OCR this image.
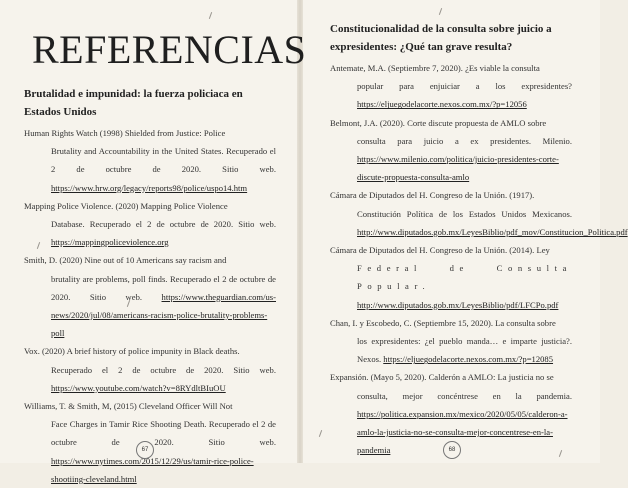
REFERENCIAS

Brutalidad e impunidad: la fuerza policiaca en Estados Unidos

Human Rights Watch (1998) Shielded from Justice: Police
Brutality and Accountability in the United States. Recuperado el 2 de octubre de 2020. Sitio web. https://www.hrw.org/legacy/reports98/police/uspo14.htm

Mapping Police Violence. (2020) Mapping Police Violence
Database. Recuperado el 2 de octubre de 2020. Sitio web. https://mappingpoliceviolence.org

Smith, D. (2020) Nine out of 10 Americans say racism and
brutality are problems, poll finds. Recuperado el 2 de octubre de 2020. Sitio web. https://www.theguardian.com/us-news/2020/jul/08/americans-racism-police-brutality-problems-poll

Vox. (2020) A brief history of police impunity in Black deaths.
Recuperado el 2 de octubre de 2020. Sitio web. https://www.youtube.com/watch?v=8RYdltBIuOU

Williams, T. & Smith, M, (2015) Cleveland Officer Will Not
Face Charges in Tamir Rice Shooting Death. Recuperado el 2 de octubre de 2020. Sitio web. https://www.nytimes.com/2015/12/29/us/tamir-rice-police-shootiing-cleveland.html

Constitucionalidad de la consulta sobre juicio a expresidentes: ¿Qué tan grave resulta?

Antemate, M.A. (Septiembre 7, 2020). ¿Es viable la consulta
popular para enjuiciar a los expresidentes? https://eljuegodelacorte.nexos.com.mx/?p=12056

Belmont, J.A. (2020). Corte discute propuesta de AMLO sobre
consulta para juicio a ex presidentes. Milenio. https://www.milenio.com/politica/juicio-presidentes-corte-discute-propuesta-consulta-amlo

Cámara de Diputados del H. Congreso de la Unión. (1917).
Constitución Política de los Estados Unidos Mexicanos. http://www.diputados.gob.mx/LeyesBiblio/pdf_mov/Constitucion_Politica.pdf

Cámara de Diputados del H. Congreso de la Unión. (2014). Ley
Federal de Consulta Popular. http://www.diputados.gob.mx/LeyesBiblio/pdf/LFCPo.pdf

Chan, I. y Escobedo, C. (Septiembre 15, 2020). La consulta sobre
los expresidentes: ¿el pueblo manda… e imparte justicia?. Nexos. https://eljuegodelacorte.nexos.com.mx/?p=12085

Expansión. (Mayo 5, 2020). Calderón a AMLO: La justicia no se
consulta, mejor concéntrese en la pandemia. https://politica.expansion.mx/mexico/2020/05/05/calderon-a-amlo-la-justicia-no-se-consulta-mejor-concentrese-en-la-pandemia

67	68
